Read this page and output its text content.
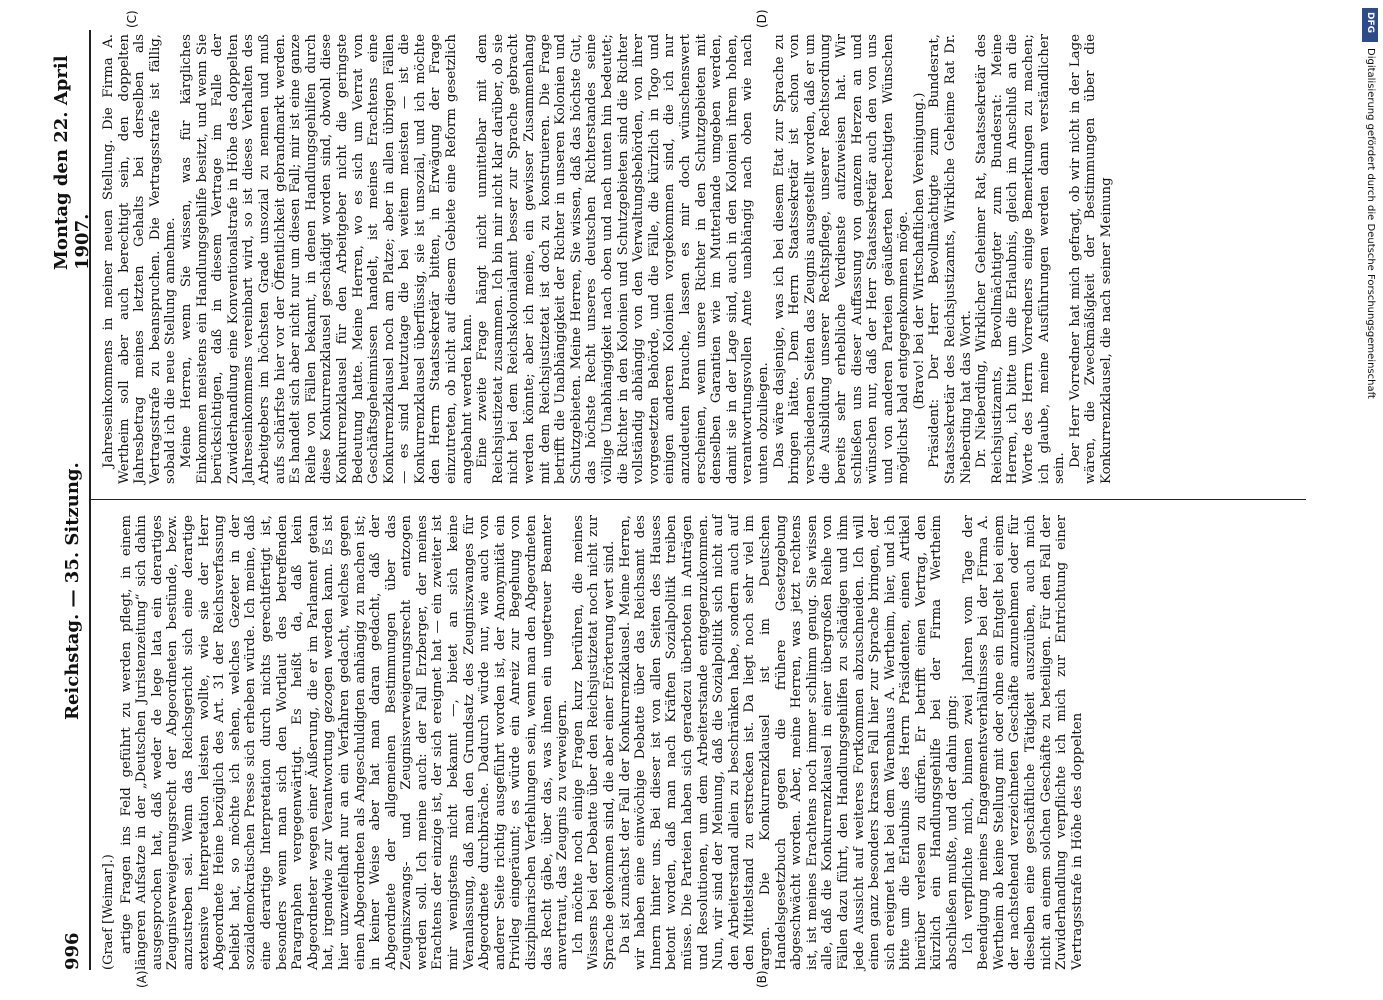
996
Reichstag. — 35. Sitzung.
Montag den 22. April 1907.
(A)	(B)
(C)	(D)
(Graef [Weimar].) artige Fragen ins Feld geführt zu werden pflegt, in einem längeren Aufsatze in der „Deutschen Juristenzeitung“ sich dahin ausgesprochen hat, daß weder de lege lata ein derartiges Zeugnisverweigerungsrecht der Abgeordneten bestünde, bezw. anzustreben sei. Wenn das Reichsgericht sich eine derartige extensive Interpretation leisten wollte, wie sie der Herr Abgeordnete Heine bezüglich des Art. 31 der Reichsverfassung beliebt hat, so möchte ich sehen, welches Gezeter in der sozialdemokratischen Presse sich erheben würde. Ich meine, daß eine derartige Interpretation durch nichts gerechtfertigt ist, besonders wenn man sich den Wortlaut des betreffenden Paragraphen vergegenwärtigt. Es heißt da, daß kein Abgeordneter wegen einer Äußerung, die er im Parlament getan hat, irgendwie zur Verantwortung gezogen werden kann. Es ist hier unzweifelhaft nur an ein Verfahren gedacht, welches gegen einen Abgeordneten als Angeschuldigten anhängig zu machen ist; in keiner Weise aber hat man daran gedacht, daß der Abgeordnete der allgemeinen Bestimmungen über das Zeugniszwangs- und Zeugnisverweigerungsrecht entzogen werden soll. Ich meine auch: der Fall Erzberger, der meines Erachtens der einzige ist, der sich ereignet hat — ein zweiter ist mir wenigstens nicht bekannt —, bietet an sich keine Veranlassung, daß man den Grundsatz des Zeugniszwanges für Abgeordnete durchbräche. Dadurch würde nur, wie auch von anderer Seite richtig ausgeführt worden ist, der Anonymität ein Privileg eingeräumt; es würde ein Anreiz zur Begehung von disziplinarischen Verfehlungen sein, wenn man den Abgeordneten das Recht gäbe, über das, was ihnen ein ungetreuer Beamter anvertraut, das Zeugnis zu verweigern. Ich möchte noch einige Fragen kurz berühren, die meines Wissens bei der Debatte über den Reichsjustizetat noch nicht zur Sprache gekommen sind, die aber einer Erörterung wert sind. Da ist zunächst der Fall der Konkurrenzklausel. Meine Herren, wir haben eine einwöchige Debatte über das Reichsamt des Innern hinter uns. Bei dieser ist von allen Seiten des Hauses betont worden, daß man nach Kräften Sozialpolitik treiben müsse. Die Parteien haben sich geradezu überboten in Anträgen und Resolutionen, um dem Arbeiterstande entgegenzukommen. Nun, wir sind der Meinung, daß die Sozialpolitik sich nicht auf den Arbeiterstand allein zu beschränken habe, sondern auch auf den Mittelstand zu erstrecken ist. Da liegt noch sehr viel im argen. Die Konkurrenzklausel ist im Deutschen Handelsgesetzbuch gegen die frühere Gesetzgebung abgeschwächt worden. Aber, meine Herren, was jetzt rechtens ist, ist meines Erachtens noch immer schlimm genug. Sie wissen alle, daß die Konkurrenzklausel in einer übergroßen Reihe von Fällen dazu führt, den Handlungsgehilfen zu schädigen und ihm jede Aussicht auf weiteres Fortkommen abzuschneiden. Ich will einen ganz besonders krassen Fall hier zur Sprache bringen, der sich ereignet hat bei dem Warenhaus A. Wertheim, hier, und ich bitte um die Erlaubnis des Herrn Präsidenten, einen Artikel hierüber verlesen zu dürfen. Er betrifft einen Vertrag, den kürzlich ein Handlungsgehilfe bei der Firma Wertheim abschließen mußte, und der dahin ging: Ich verpflichte mich, binnen zwei Jahren vom Tage der Beendigung meines Engagementsverhältnisses bei der Firma A. Wertheim ab keine Stellung mit oder ohne ein Entgelt bei einem der nachstehend verzeichneten Geschäfte anzunehmen oder für dieselben eine geschäftliche Tätigkeit auszuüben, auch mich nicht an einem solchen Geschäfte zu beteiligen. Für den Fall der Zuwiderhandlung verpflichte ich mich zur Entrichtung einer Vertragsstrafe in Höhe des doppelten

Jahreseinkommens in meiner neuen Stellung. Die Firma A. Wertheim soll aber auch berechtigt sein, den doppelten Jahresbetrag meines letzten Gehalts bei derselben als Vertragsstrafe zu beanspruchen. Die Vertragsstrafe ist fällig, sobald ich die neue Stellung annehme. Meine Herren, wenn Sie wissen, was für kärgliches Einkommen meistens ein Handlungsgehilfe besitzt, und wenn Sie berücksichtigen, daß in diesem Vertrage im Falle der Zuwiderhandlung eine Konventionalstrafe in Höhe des doppelten Jahreseinkommens vereinbart wird, so ist dieses Verhalten des Arbeitgebers im höchsten Grade unsozial zu nennen und muß aufs schärfste hier vor der Öffentlichkeit gebrandmarkt werden. Es handelt sich aber nicht nur um diesen Fall; mir ist eine ganze Reihe von Fällen bekannt, in denen Handlungsgehilfen durch diese Konkurrenzklausel geschädigt worden sind, obwohl diese Konkurrenzklausel für den Arbeitgeber nicht die geringste Bedeutung hatte. Meine Herren, wo es sich um Verrat von Geschäftsgeheimnissen handelt, ist meines Erachtens eine Konkurrenzklausel noch am Platze; aber in allen übrigen Fällen — es sind heutzutage die bei weitem meisten — ist die Konkurrenzklausel überflüssig, sie ist unsozial, und ich möchte den Herrn Staatssekretär bitten, in Erwägung der Frage einzutreten, ob nicht auf diesem Gebiete eine Reform gesetzlich angebahnt werden kann. Eine zweite Frage hängt nicht unmittelbar mit dem Reichsjustizetat zusammen. Ich bin mir nicht klar darüber, ob sie nicht bei dem Reichskolonialamt besser zur Sprache gebracht werden könnte; aber ich meine, ein gewisser Zusammenhang mit dem Reichsjustizetat ist doch zu konstruieren. Die Frage betrifft die Unabhängigkeit der Richter in unseren Kolonien und Schutzgebieten. Meine Herren, Sie wissen, daß das höchste Gut, das höchste Recht unseres deutschen Richterstandes seine völlige Unabhängigkeit nach oben und nach unten hin bedeutet; die Richter in den Kolonien und Schutzgebieten sind die Richter vollständig abhängig von den Verwaltungsbehörden, von ihrer vorgesetzten Behörde, und die Fälle, die kürzlich in Togo und einigen anderen Kolonien vorgekommen sind, die ich nur anzudeuten brauche, lassen es mir doch wünschenswert erscheinen, wenn unsere Richter in den Schutzgebieten mit denselben Garantien wie im Mutterlande umgeben werden, damit sie in der Lage sind, auch in den Kolonien ihrem hohen, verantwortungsvollen Amte unabhängig nach oben wie nach unten obzuliegen. Das wäre dasjenige, was ich bei diesem Etat zur Sprache zu bringen hätte. Dem Herrn Staatssekretär ist schon von verschiedenen Seiten das Zeugnis ausgestellt worden, daß er um die Ausbildung unserer Rechtspflege, unserer Rechtsordnung bereits sehr erhebliche Verdienste aufzuweisen hat. Wir schließen uns dieser Auffassung von ganzem Herzen an und wünschen nur, daß der Herr Staatssekretär auch den von uns und von anderen Parteien geäußerten berechtigten Wünschen möglichst bald entgegenkommen möge. (Bravo! bei der Wirtschaftlichen Vereinigung.) Präsident: Der Herr Bevollmächtigte zum Bundesrat, Staatssekretär des Reichsjustizamts, Wirkliche Geheime Rat Dr. Nieberding hat das Wort. Dr. Nieberding, Wirklicher Geheimer Rat, Staatssekretär des Reichsjustizamts, Bevollmächtigter zum Bundesrat: Meine Herren, ich bitte um die Erlaubnis, gleich im Anschluß an die Worte des Herrn Vorredners einige Bemerkungen zu machen; ich glaube, meine Ausführungen werden dann verständlicher sein.

Der Herr Vorredner hat mich gefragt, ob wir nicht in der Lage wären, die Zweckmäßigkeit der Bestimmungen über die Konkurrenzklausel, die nach seiner Meinung

DFG
Digitalisierung gefördert durch die Deutsche Forschungsgemeinschaft
